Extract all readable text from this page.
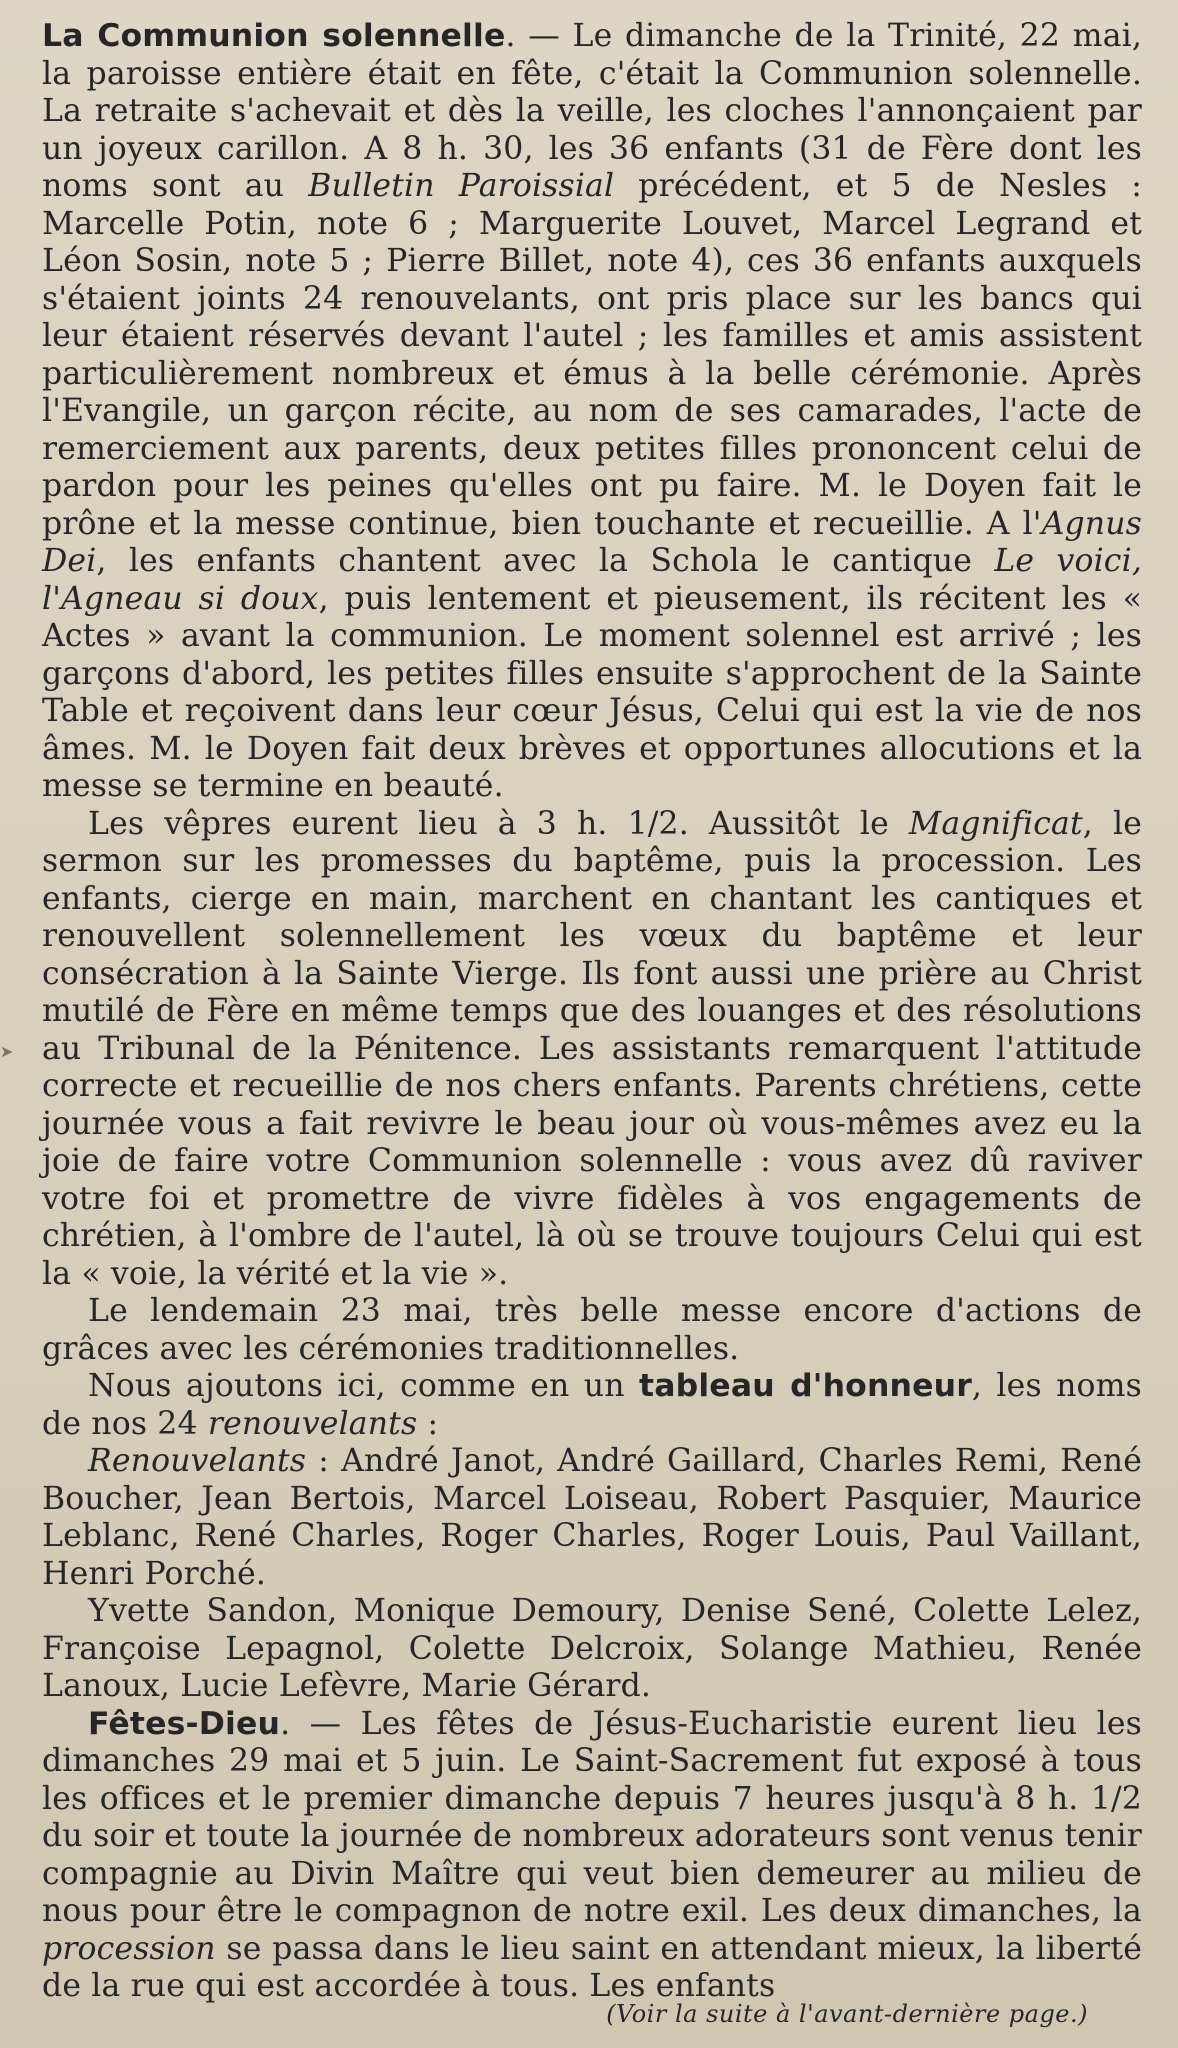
➤

La Communion solennelle. — Le dimanche de la Trinité, 22 mai, la paroisse entière était en fête, c'était la Communion solennelle. La retraite s'achevait et dès la veille, les cloches l'annonçaient par un joyeux carillon. A 8 h. 30, les 36 enfants (31 de Fère dont les noms sont au Bulletin Paroissial précédent, et 5 de Nesles : Marcelle Potin, note 6 ; Marguerite Louvet, Marcel Legrand et Léon Sosin, note 5 ; Pierre Billet, note 4), ces 36 enfants auxquels s'étaient joints 24 renouvelants, ont pris place sur les bancs qui leur étaient réservés devant l'autel ; les familles et amis assistent particulièrement nombreux et émus à la belle cérémonie. Après l'Evangile, un garçon récite, au nom de ses camarades, l'acte de remerciement aux parents, deux petites filles prononcent celui de pardon pour les peines qu'elles ont pu faire. M. le Doyen fait le prône et la messe continue, bien touchante et recueillie. A l'Agnus Dei, les enfants chantent avec la Schola le cantique Le voici, l'Agneau si doux, puis lentement et pieusement, ils récitent les « Actes » avant la communion. Le moment solennel est arrivé ; les garçons d'abord, les petites filles ensuite s'approchent de la Sainte Table et reçoivent dans leur cœur Jésus, Celui qui est la vie de nos âmes. M. le Doyen fait deux brèves et opportunes allocutions et la messe se termine en beauté.

Les vêpres eurent lieu à 3 h. 1/2. Aussitôt le Magnificat, le sermon sur les promesses du baptême, puis la procession. Les enfants, cierge en main, marchent en chantant les cantiques et renouvellent solennellement les vœux du baptême et leur consécration à la Sainte Vierge. Ils font aussi une prière au Christ mutilé de Fère en même temps que des louanges et des résolutions au Tribunal de la Pénitence. Les assistants remarquent l'attitude correcte et recueillie de nos chers enfants. Parents chrétiens, cette journée vous a fait revivre le beau jour où vous-mêmes avez eu la joie de faire votre Communion solennelle : vous avez dû raviver votre foi et promettre de vivre fidèles à vos engagements de chrétien, à l'ombre de l'autel, là où se trouve toujours Celui qui est la « voie, la vérité et la vie ».

Le lendemain 23 mai, très belle messe encore d'actions de grâces avec les cérémonies traditionnelles.

Nous ajoutons ici, comme en un tableau d'honneur, les noms de nos 24 renouvelants :

Renouvelants : André Janot, André Gaillard, Charles Remi, René Boucher, Jean Bertois, Marcel Loiseau, Robert Pasquier, Maurice Leblanc, René Charles, Roger Charles, Roger Louis, Paul Vaillant, Henri Porché.

Yvette Sandon, Monique Demoury, Denise Sené, Colette Lelez, Françoise Lepagnol, Colette Delcroix, Solange Mathieu, Renée Lanoux, Lucie Lefèvre, Marie Gérard.

Fêtes-Dieu. — Les fêtes de Jésus-Eucharistie eurent lieu les dimanches 29 mai et 5 juin. Le Saint-Sacrement fut exposé à tous les offices et le premier dimanche depuis 7 heures jusqu'à 8 h. 1/2 du soir et toute la journée de nombreux adorateurs sont venus tenir compagnie au Divin Maître qui veut bien demeurer au milieu de nous pour être le compagnon de notre exil. Les deux dimanches, la procession se passa dans le lieu saint en attendant mieux, la liberté de la rue qui est accordée à tous. Les enfants

(Voir la suite à l'avant-dernière page.)
